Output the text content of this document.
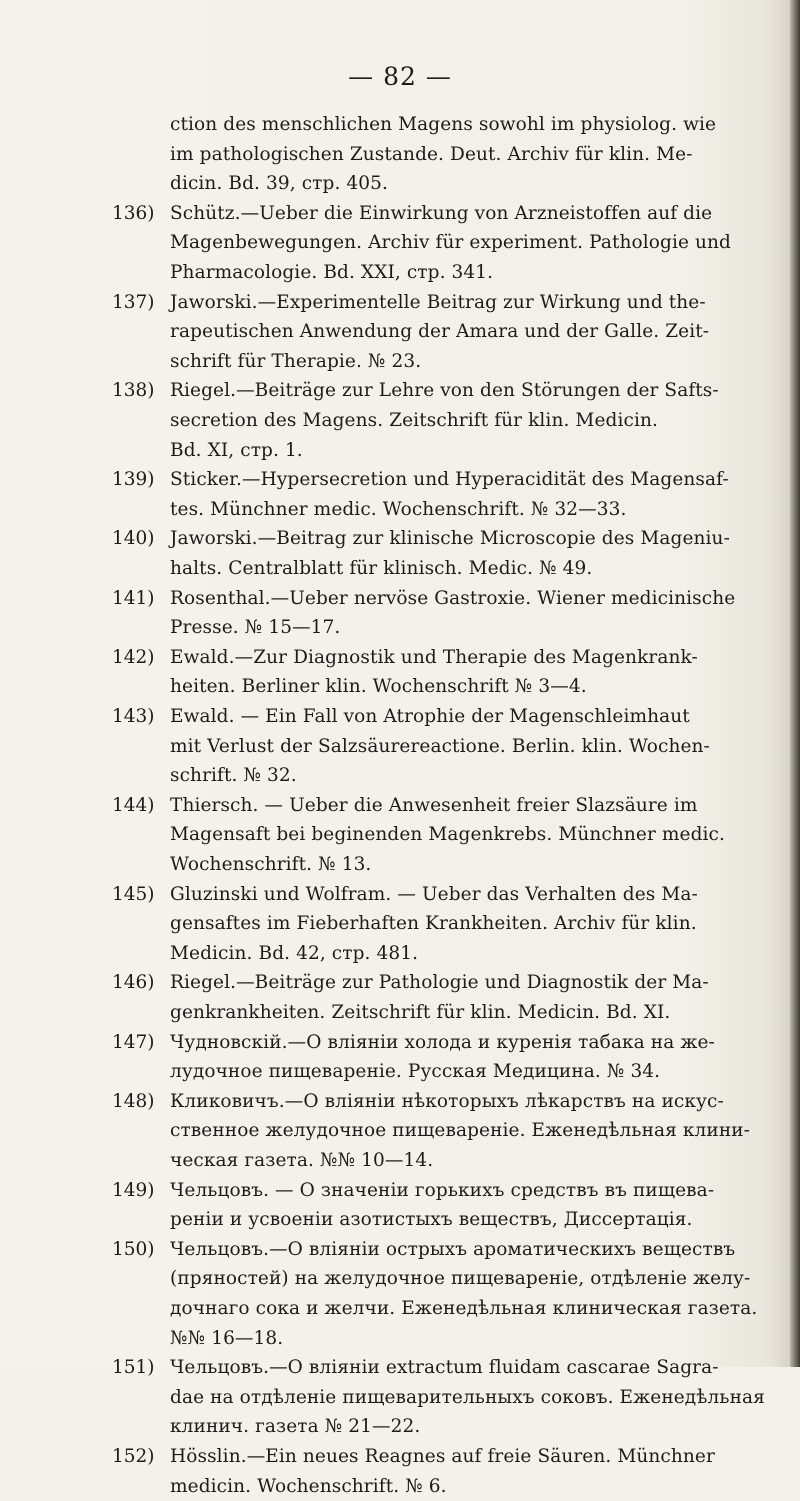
— 82 —
ction des menschlichen Magens sowohl im physiolog. wie
im pathologischen Zustande. Deut. Archiv für klin. Me-
dicin. Bd. 39, стр. 405.
136) Schütz.—Ueber die Einwirkung von Arzneistoffen auf die
Magenbewegungen. Archiv für experiment. Pathologie und
Pharmacologie. Bd. XXI, стр. 341.
137) Jaworski.—Experimentelle Beitrag zur Wirkung und the-
rapeutischen Anwendung der Amara und der Galle. Zeit-
schrift für Therapie. № 23.
138) Riegel.—Beiträge zur Lehre von den Störungen der Safts-
secretion des Magens. Zeitschrift für klin. Medicin.
Bd. XI, стр. 1.
139) Sticker.—Hypersecretion und Hyperacidität des Magensaf-
tes. Münchner medic. Wochenschrift. № 32—33.
140) Jaworski.—Beitrag zur klinische Microscopie des Mageniu-
halts. Centralblatt für klinisch. Medic. № 49.
141) Rosenthal.—Ueber nervöse Gastroxie. Wiener medicinische
Presse. № 15—17.
142) Ewald.—Zur Diagnostik und Therapie des Magenkrank-
heiten. Berliner klin. Wochenschrift № 3—4.
143) Ewald. — Ein Fall von Atrophie der Magenschleimhaut
mit Verlust der Salzsäurereactione. Berlin. klin. Wochen-
schrift. № 32.
144) Thiersch. — Ueber die Anwesenheit freier Slazsäure im
Magensaft bei beginenden Magenkrebs. Münchner medic.
Wochenschrift. № 13.
145) Gluzinski und Wolfram. — Ueber das Verhalten des Ma-
gensaftes im Fieberhaften Krankheiten. Archiv für klin.
Medicin. Bd. 42, стр. 481.
146) Riegel.—Beiträge zur Pathologie und Diagnostik der Ma-
genkrankheiten. Zeitschrift für klin. Medicin. Bd. XI.
147) Чудновскій.—О вліяніи холода и куренія табака на же-
лудочное пищевареніе. Русская Медицина. № 34.
148) Кликовичъ.—О вліяніи нѣкоторыхъ лѣкарствъ на искус-
ственное желудочное пищевареніе. Еженедѣльная клини-
ческая газета. №№ 10—14.
149) Чельцовъ. — О значеніи горькихъ средствъ въ пищева-
реніи и усвоеніи азотистыхъ веществъ, Диссертація.
150) Чельцовъ.—О вліяніи острыхъ ароматическихъ веществъ
(пряностей) на желудочное пищевареніе, отдѣленіе желу-
дочнаго сока и желчи. Еженедѣльная клиническая газета.
№№ 16—18.
151) Чельцовъ.—О вліяніи extractum fluidam cascarae Sagra-
dae на отдѣленіе пищеварительныхъ соковъ. Еженедѣльная
клинич. газета № 21—22.
152) Hösslin.—Ein neues Reagnes auf freie Säuren. Münchner
medicin. Wochenschrift. № 6.
